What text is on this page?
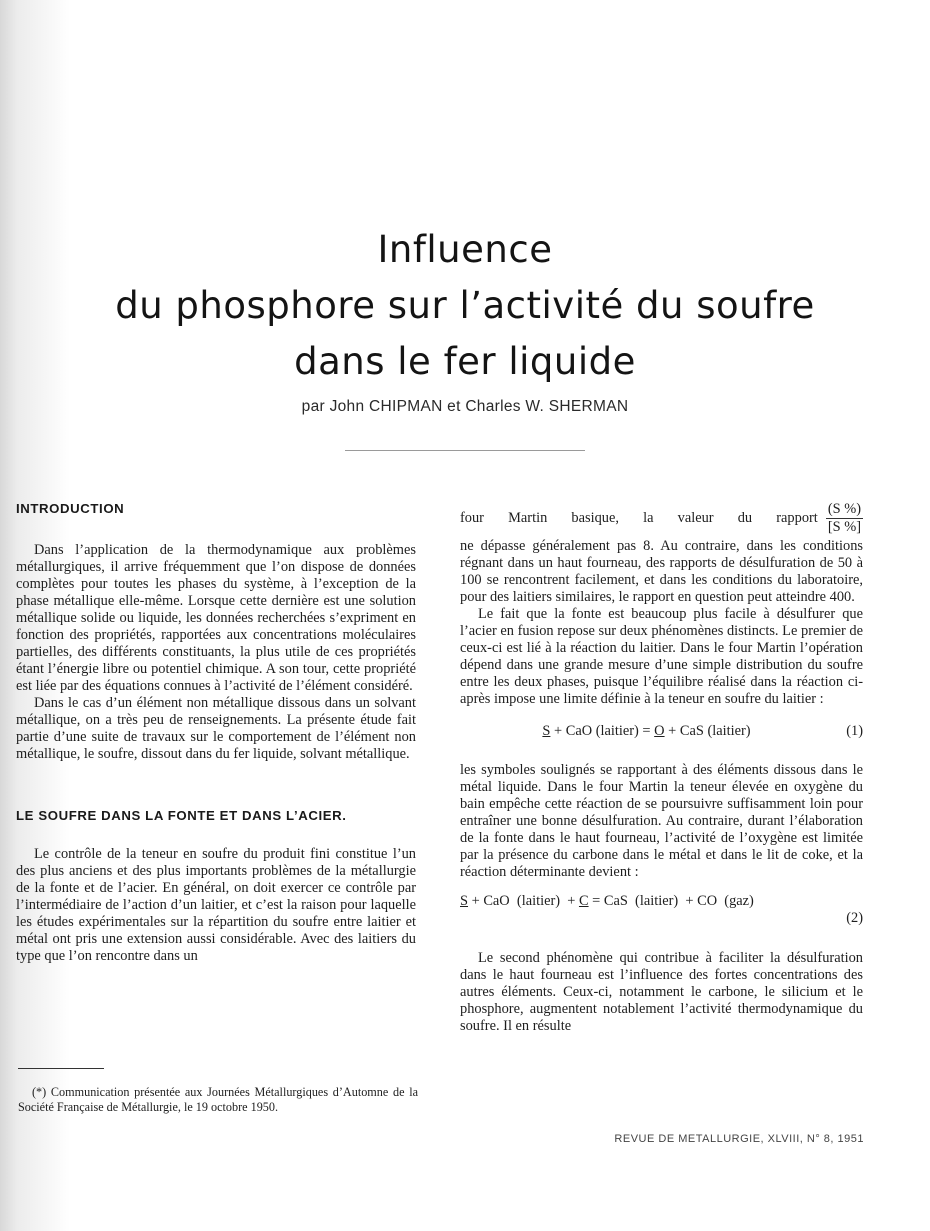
Influence
du phosphore sur l’activité du soufre
dans le fer liquide
par John CHIPMAN et Charles W. SHERMAN
INTRODUCTION

Dans l’application de la thermodynamique aux problèmes métallurgiques, il arrive fréquemment que l’on dispose de données complètes pour toutes les phases du système, à l’exception de la phase métallique elle-même. Lorsque cette dernière est une solution métallique solide ou liquide, les données recherchées s’expriment en fonction des propriétés, rapportées aux concentrations moléculaires partielles, des différents constituants, la plus utile de ces propriétés étant l’énergie libre ou potentiel chimique. A son tour, cette propriété est liée par des équations connues à l’activité de l’élément considéré.

Dans le cas d’un élément non métallique dissous dans un solvant métallique, on a très peu de renseignements. La présente étude fait partie d’une suite de travaux sur le comportement de l’élément non métallique, le soufre, dissout dans du fer liquide, solvant métallique.

LE SOUFRE DANS LA FONTE ET DANS L’ACIER.

Le contrôle de la teneur en soufre du produit fini constitue l’un des plus anciens et des plus importants problèmes de la métallurgie de la fonte et de l’acier. En général, on doit exercer ce contrôle par l’intermédiaire de l’action d’un laitier, et c’est la raison pour laquelle les études expérimentales sur la répartition du soufre entre laitier et métal ont pris une extension aussi considérable. Avec des laitiers du type que l’on rencontre dans un

(*) Communication présentée aux Journées Métallurgiques d’Automne de la Société Française de Métallurgie, le 19 octobre 1950.
four Martin basique, la valeur du rapport $\frac{(S \%)}{[S \%]}$

ne dépasse généralement pas 8. Au contraire, dans les conditions régnant dans un haut fourneau, des rapports de désulfuration de 50 à 100 se rencontrent facilement, et dans les conditions du laboratoire, pour des laitiers similaires, le rapport en question peut atteindre 400.

Le fait que la fonte est beaucoup plus facile à désulfurer que l’acier en fusion repose sur deux phénomènes distincts. Le premier de ceux-ci est lié à la réaction du laitier. Dans le four Martin l’opération dépend dans une grande mesure d’une simple distribution du soufre entre les deux phases, puisque l’équilibre réalisé dans la réaction ci-après impose une limite définie à la teneur en soufre du laitier :

S + CaO (laitier) = O + CaS (laitier)	(1)

les symboles soulignés se rapportant à des éléments dissous dans le métal liquide. Dans le four Martin la teneur élevée en oxygène du bain empêche cette réaction de se poursuivre suffisamment loin pour entraîner une bonne désulfuration. Au contraire, durant l’élaboration de la fonte dans le haut fourneau, l’activité de l’oxygène est limitée par la présence du carbone dans le métal et dans le lit de coke, et la réaction déterminante devient :

S + CaO  (laitier)  + C = CaS  (laitier)  + CO  (gaz)
(2)

Le second phénomène qui contribue à faciliter la désulfuration dans le haut fourneau est l’influence des fortes concentrations des autres éléments. Ceux-ci, notamment le carbone, le silicium et le phosphore, augmentent notablement l’activité thermodynamique du soufre. Il en résulte

REVUE DE METALLURGIE, XLVIII, N° 8, 1951
